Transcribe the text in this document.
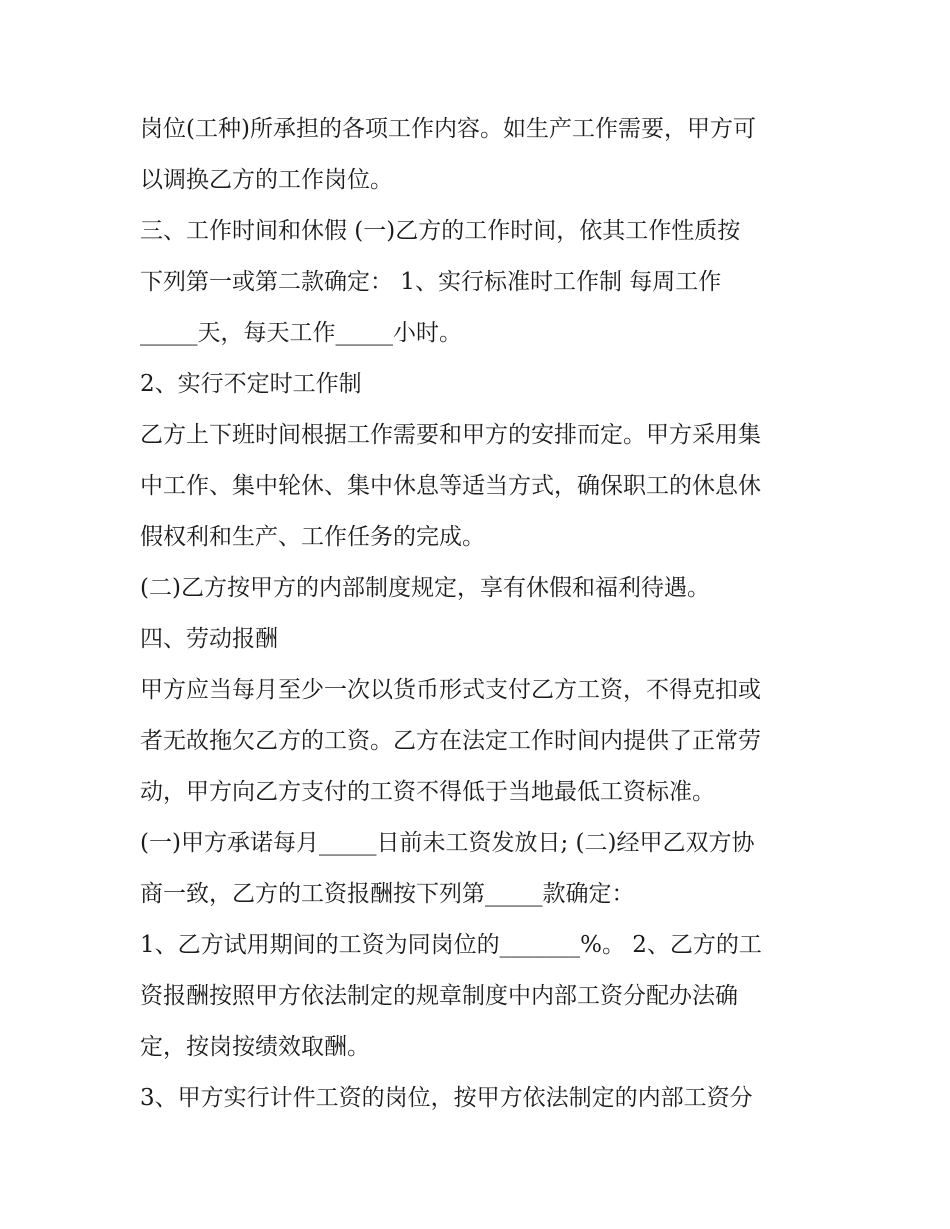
岗位(工种)所承担的各项工作内容。如生产工作需要，甲方可

以调换乙方的工作岗位。

三、工作时间和休假 (一)乙方的工作时间，依其工作性质按

下列第一或第二款确定： 1、实行标准时工作制 每周工作

_____天，每天工作_____小时。

2、实行不定时工作制

乙方上下班时间根据工作需要和甲方的安排而定。甲方采用集

中工作、集中轮休、集中休息等适当方式，确保职工的休息休

假权利和生产、工作任务的完成。

(二)乙方按甲方的内部制度规定，享有休假和福利待遇。

四、劳动报酬

甲方应当每月至少一次以货币形式支付乙方工资，不得克扣或

者无故拖欠乙方的工资。乙方在法定工作时间内提供了正常劳

动，甲方向乙方支付的工资不得低于当地最低工资标准。

(一)甲方承诺每月_____日前未工资发放日; (二)经甲乙双方协

商一致，乙方的工资报酬按下列第_____款确定：

1、乙方试用期间的工资为同岗位的_______%。 2、乙方的工

资报酬按照甲方依法制定的规章制度中内部工资分配办法确

定，按岗按绩效取酬。

3、甲方实行计件工资的岗位，按甲方依法制定的内部工资分
